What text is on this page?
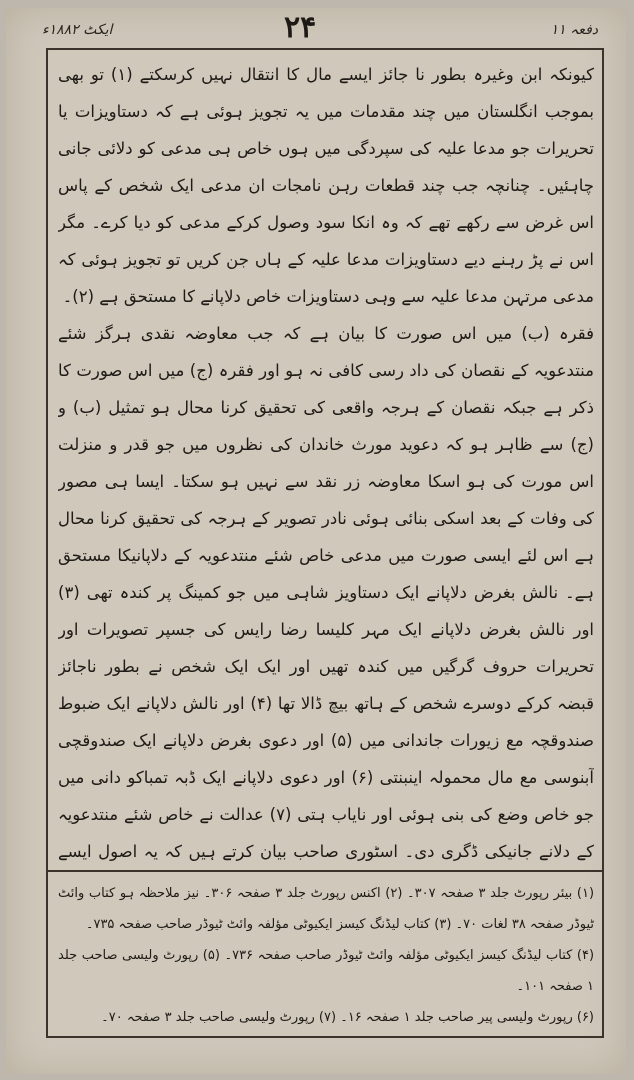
دفعہ ۱۱
۲۴
ایکٹ ۱۸۸۲ء

کیونکہ ابن وغیرہ بطور نا جائز ایسے مال کا انتقال نہیں کرسکتے (۱) تو بھی بموجب انگلستان میں چند مقدمات میں یہ تجویز ہوئی ہے کہ دستاویزات یا تحریرات جو مدعا علیہ کی سپردگی میں ہوں خاص ہی مدعی کو دلائی جانی چاہئیں۔ چنانچہ جب چند قطعات رہن نامجات ان مدعی ایک شخص کے پاس اس غرض سے رکھے تھے کہ وہ انکا سود وصول کرکے مدعی کو دیا کرے۔ مگر اس نے پڑ رہنے دیے دستاویزات مدعا علیہ کے ہاں جن کریں تو تجویز ہوئی کہ مدعی مرتہن مدعا علیہ سے وہی دستاویزات خاص دلاپانے کا مستحق ہے (۲)۔

فقرہ (ب) میں اس صورت کا بیان ہے کہ جب معاوضہ نقدی ہرگز شئے منتدعویہ کے نقصان کی داد رسی کافی نہ ہو اور فقرہ (ج) میں اس صورت کا ذکر ہے جبکہ نقصان کے ہرجہ واقعی کی تحقیق کرنا محال ہو تمثیل (ب) و (ج) سے ظاہر ہو کہ دعوید مورث خاندان کی نظروں میں جو قدر و منزلت اس مورت کی ہو اسکا معاوضہ زر نقد سے نہیں ہو سکتا۔ ایسا ہی مصور کی وفات کے بعد اسکی بنائی ہوئی نادر تصویر کے ہرجہ کی تحقیق کرنا محال ہے اس لئے ایسی صورت میں مدعی خاص شئے منتدعویہ کے دلاپانیکا مستحق ہے۔ نالش بغرض دلاپانے ایک دستاویز شاہی میں جو کمینگ پر کندہ تھی (۳) اور نالش بغرض دلاپانے ایک مہر کلیسا رضا رایس کی جسپر تصویرات اور تحریرات حروف گرگیں میں کندہ تھیں اور ایک ایک شخص نے بطور ناجائز قبضہ کرکے دوسرے شخص کے ہاتھ بیچ ڈالا تھا (۴) اور نالش دلاپانے ایک ضبوط صندوقچہ مع زیورات جاندانی میں (۵) اور دعوی بغرض دلاپانے ایک صندوقچی آبنوسی مع مال محمولہ اینبنتی (۶) اور دعوی دلاپانے ایک ڈبہ تمباکو دانی میں جو خاص وضع کی بنی ہوئی اور نایاب ہتی (۷) عدالت نے خاص شئے منتدعویہ کے دلانے جانیکی ڈگری دی۔ اسٹوری صاحب بیان کرتے ہیں کہ یہ اصول ایسے

(۱) بیئر رپورٹ جلد ۳ صفحہ ۳۰۷۔ (۲) اکنس رپورٹ جلد ۳ صفحہ ۳۰۶۔ نیز ملاحظہ ہو کتاب وائٹ ٹیوڈر صفحہ ۳۸ لغات ۷۰۔ (۳) کتاب لیڈنگ کیسز ایکیوٹی مؤلفہ وائٹ ٹیوڈر صاحب صفحہ ۷۳۵۔

(۴) کتاب لیڈنگ کیسز ایکیوٹی مؤلفہ وائٹ ٹیوڈر صاحب صفحہ ۷۳۶۔ (۵) رپورٹ ولیسی صاحب جلد ۱ صفحہ ۱۰۱۔

(۶) رپورٹ ولیسی پیر صاحب جلد ۱ صفحہ ۱۶۔ (۷) رپورٹ ولیسی صاحب جلد ۳ صفحہ ۷۰۔
